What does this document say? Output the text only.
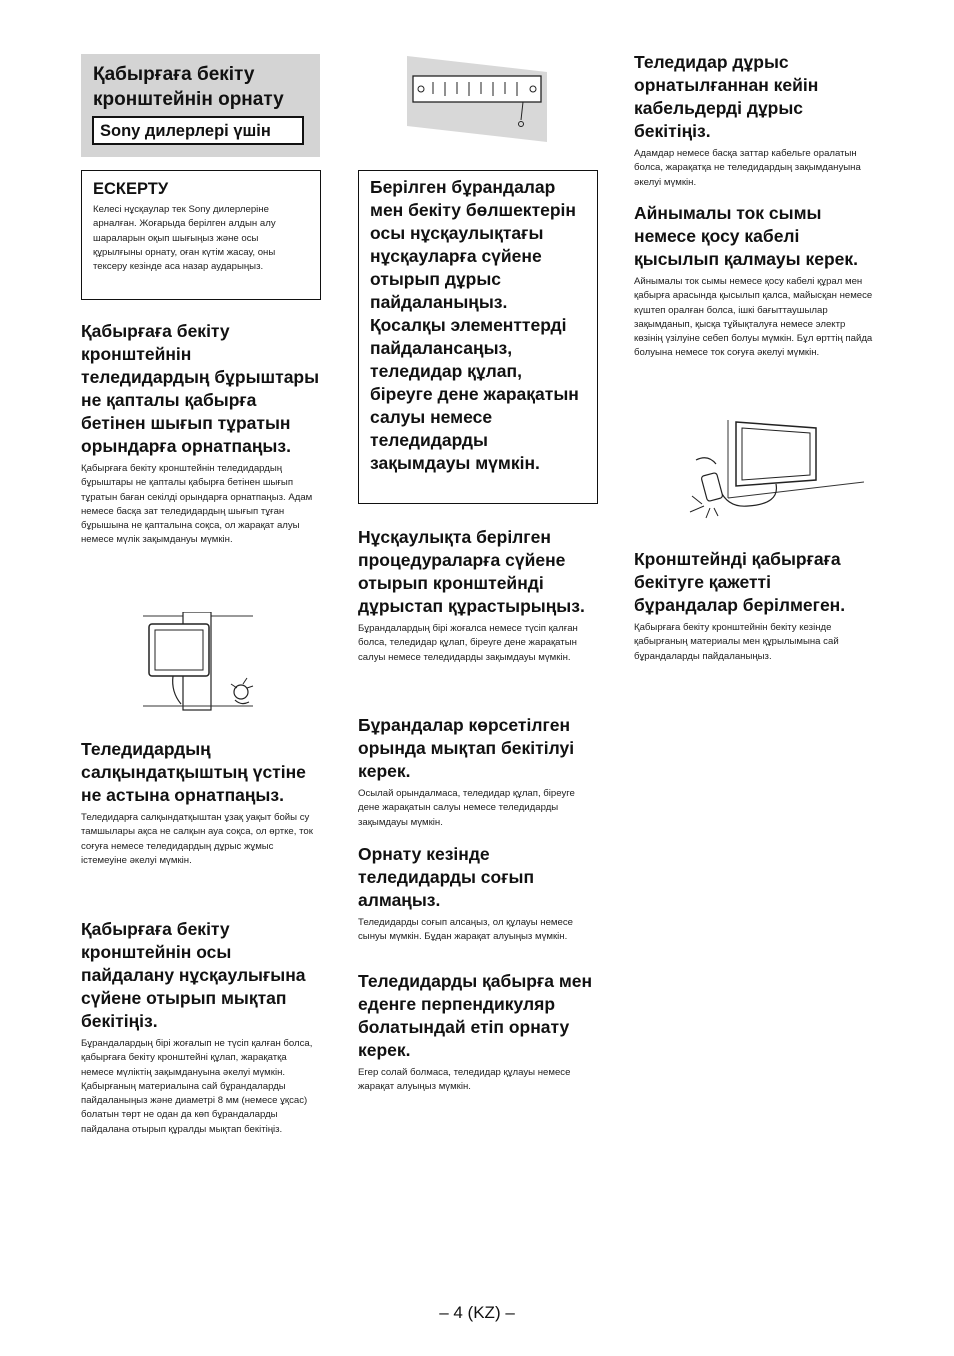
Қабырғаға бекіту кронштейнін орнату
Sony дилерлері үшін
ЕСКЕРТУ
Келесі нұсқаулар тек Sony дилерлеріне арналған. Жоғарыда берілген алдын алу шараларын оқып шығыңыз және осы құрылғыны орнату, оған күтім жасау, оны тексеру кезінде аса назар аударыңыз.
Қабырғаға бекіту кронштейнін теледидардың бұрыштары не қапталы қабырға бетінен шығып тұратын орындарға орнатпаңыз.
Қабырғаға бекіту кронштейнін теледидардың бұрыштары не қапталы қабырға бетінен шығып тұратын баған секілді орындарға орнатпаңыз. Адам немесе басқа зат теледидардың шығып тұған бұрышына не қапталына соқса, ол жарақат алуы немесе мүлік зақымдануы мүмкін.
Теледидардың салқындатқыштың үстіне не астына орнатпаңыз.
Теледидарға салқындатқыштан ұзақ уақыт бойы су тамшылары ақса не салқын ауа соқса, ол өртке, ток соғуға немесе теледидардың дұрыс жұмыс істемеуіне әкелуі мүмкін.
Қабырғаға бекіту кронштейнін осы пайдалану нұсқаулығына сүйене отырып мықтап бекітіңіз.
Бұрандалардың бірі жоғалып не түсіп қалған болса, қабырғаға бекіту кронштейні құлап, жарақатқа немесе мүліктің зақымдануына әкелуі мүмкін. Қабырғаның материалына сай бұрандаларды пайдаланыңыз және диаметрі 8 мм (немесе ұқсас) болатын төрт не одан да көп бұрандаларды пайдалана отырып құралды мықтап бекітіңіз.
Берілген бұрандалар мен бекіту бөлшектерін осы нұсқаулықтағы нұсқауларға сүйене отырып дұрыс пайдаланыңыз. Қосалқы элементтерді пайдалансаңыз, теледидар құлап, біреуге дене жарақатын салуы немесе теледидарды зақымдауы мүмкін.
Нұсқаулықта берілген процедураларға сүйене отырып кронштейнді дұрыстап құрастырыңыз.
Бұрандалардың бірі жоғалса немесе түсіп қалған болса, теледидар құлап, біреуге дене жарақатын салуы немесе теледидарды зақымдауы мүмкін.
Бұрандалар көрсетілген орында мықтап бекітілуі керек.
Осылай орындалмаса, теледидар құлап, біреуге дене жарақатын салуы немесе теледидарды зақымдауы мүмкін.
Орнату кезінде теледидарды соғып алмаңыз.
Теледидарды соғып алсаңыз, ол құлауы немесе сынуы мүмкін. Бұдан жарақат алуыңыз мүмкін.
Теледидарды қабырға мен еденге перпендикуляр болатындай етіп орнату керек.
Егер солай болмаса, теледидар құлауы немесе жарақат алуыңыз мүмкін.
Теледидар дұрыс орнатылғаннан кейін кабельдерді дұрыс бекітіңіз.
Адамдар немесе басқа заттар кабельге оралатын болса, жарақатқа не теледидардың зақымдануына әкелуі мүмкін.
Айнымалы ток сымы немесе қосу кабелі қысылып қалмауы керек.
Айнымалы ток сымы немесе қосу кабелі құрал мен қабырға арасында қысылып қалса, майысқан немесе күштеп оралған болса, ішкі бағыттаушылар зақымданып, қысқа тұйықталуға немесе электр көзінің үзілуіне себеп болуы мүмкін. Бұл өрттің пайда болуына немесе ток соғуға әкелуі мүмкін.
Кронштейнді қабырғаға бекітуге қажетті бұрандалар берілмеген.
Қабырғаға бекіту кронштейнін бекіту кезінде қабырғаның материалы мен құрылымына сай бұрандаларды пайдаланыңыз.
– 4 (KZ) –
